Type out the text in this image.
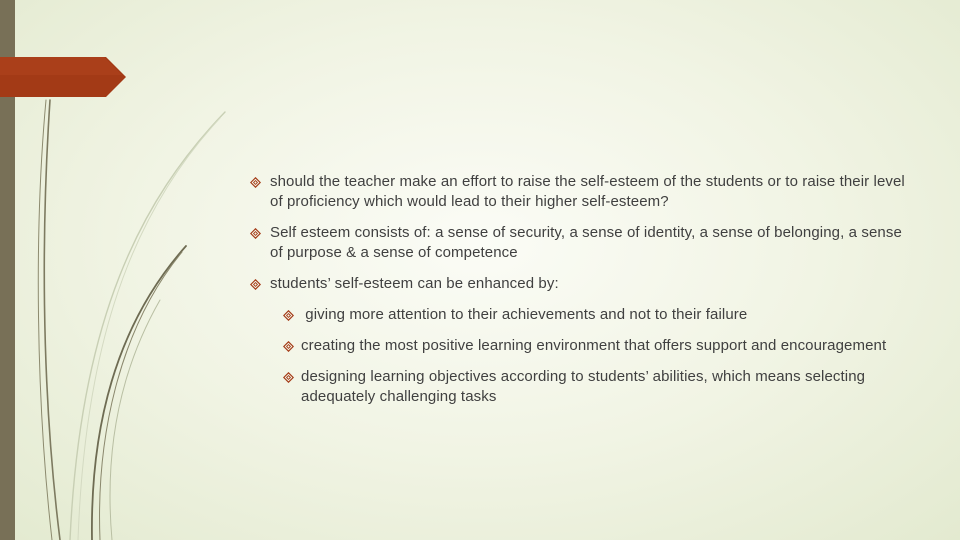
should the teacher make an effort to raise the self-esteem of the students or to raise their level of proficiency which would lead to their higher self-esteem?
Self esteem consists of: a sense of security, a sense of identity, a sense of belonging, a sense of purpose & a sense of competence
students’ self-esteem can be enhanced by:
giving more attention to their achievements and not to their failure
creating the most positive learning environment that offers support and encouragement
designing learning objectives according to students’ abilities, which means selecting adequately challenging tasks
